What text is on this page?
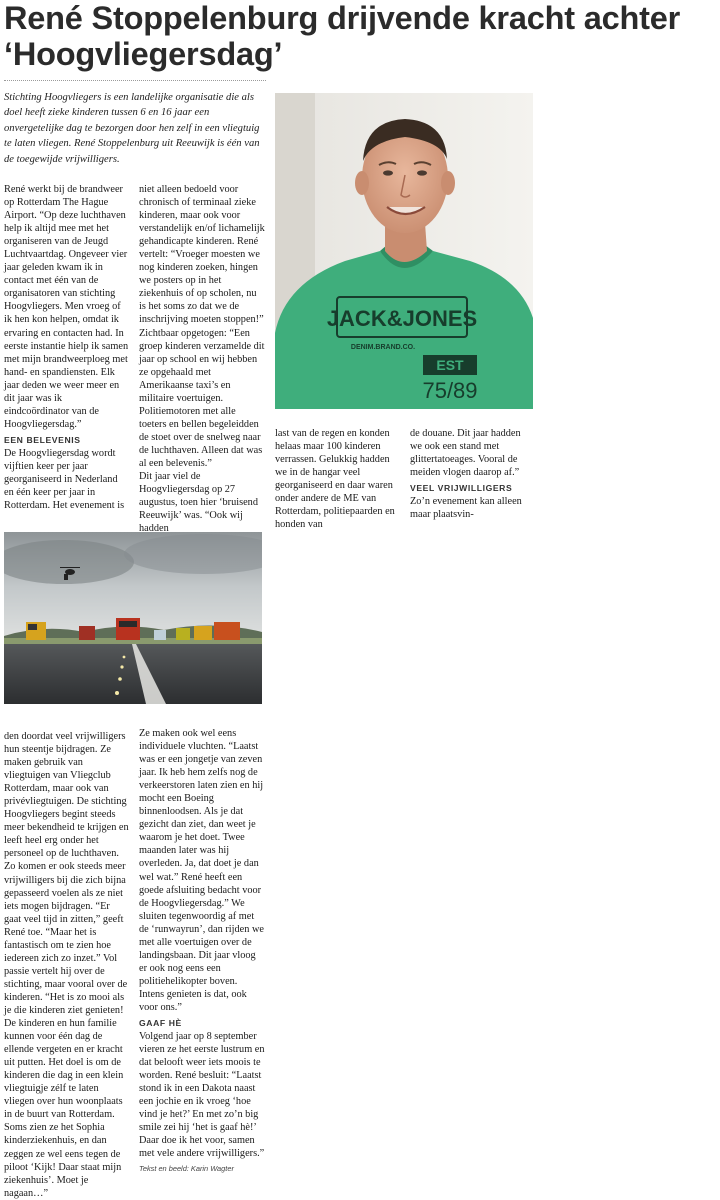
René Stoppelenburg drijvende kracht achter ‘Hoogvliegersdag’

Stichting Hoogvliegers is een landelijke organisatie die als doel heeft zieke kinderen tussen 6 en 16 jaar een onvergetelijke dag te bezorgen door hen zelf in een vliegtuig te laten vliegen. René Stoppelenburg uit Reeuwijk is één van de toegewijde vrijwilligers.

JACK&JONES
DENIM.BRAND.CO.
EST
75/89

René werkt bij de brandweer op Rotterdam The Hague Airport. “Op deze luchthaven help ik altijd mee met het organiseren van de Jeugd Luchtvaartdag. Ongeveer vier jaar geleden kwam ik in contact met één van de organisatoren van stichting Hoogvliegers. Men vroeg of ik hen kon helpen, omdat ik ervaring en contacten had. In eerste instantie hielp ik samen met mijn brandweerploeg met hand- en spandiensten. Elk jaar deden we weer meer en dit jaar was ik eindcoördinator van de Hoogvliegersdag.”

EEN BELEVENIS

De Hoogvliegersdag wordt vijftien keer per jaar georganiseerd in Nederland en één keer per jaar in Rotterdam. Het evenement is

niet alleen bedoeld voor chronisch of terminaal zieke kinderen, maar ook voor verstandelijk en/of lichamelijk gehandicapte kinderen. René vertelt: “Vroeger moesten we nog kinderen zoeken, hingen we posters op in het ziekenhuis of op scholen, nu is het soms zo dat we de inschrijving moeten stoppen!” Zichtbaar opgetogen: “Een groep kinderen verzamelde dit jaar op school en wij hebben ze opgehaald met Amerikaanse taxi’s en militaire voertuigen. Politiemotoren met alle toeters en bellen begeleidden de stoet over de snelweg naar de luchthaven. Alleen dat was al een belevenis.”

Dit jaar viel de Hoogvliegersdag op 27 augustus, toen hier ‘bruisend Reeuwijk’ was. “Ook wij hadden

last van de regen en konden helaas maar 100 kinderen verrassen. Gelukkig hadden we in de hangar veel georganiseerd en daar waren onder andere de ME van Rotterdam, politiepaarden en honden van

de douane. Dit jaar hadden we ook een stand met glittertatoeages. Vooral de meiden vlogen daarop af.”

VEEL VRIJWILLIGERS

Zo’n evenement kan alleen maar plaatsvin-

den doordat veel vrijwilligers hun steentje bijdragen. Ze maken gebruik van vliegtuigen van Vliegclub Rotterdam, maar ook van privévliegtuigen. De stichting Hoogvliegers begint steeds meer bekendheid te krijgen en leeft heel erg onder het personeel op de luchthaven. Zo komen er ook steeds meer vrijwilligers bij die zich bijna gepasseerd voelen als ze niet iets mogen bijdragen. “Er gaat veel tijd in zitten,” geeft René toe. “Maar het is fantastisch om te zien hoe iedereen zich zo inzet.” Vol passie vertelt hij over de stichting, maar vooral over de kinderen. “Het is zo mooi als je die kinderen ziet genieten! De kinderen en hun familie kunnen voor één dag de ellende vergeten en er kracht uit putten. Het doel is om de kinderen die dag in een klein vliegtuigje zélf te laten vliegen over hun woonplaats in de buurt van Rotterdam. Soms zien ze het Sophia kinderziekenhuis, en dan zeggen ze wel eens tegen de piloot ‘Kijk! Daar staat mijn ziekenhuis’. Moet je nagaan…”

Ze maken ook wel eens individuele vluchten. “Laatst was er een jongetje van zeven jaar. Ik heb hem zelfs nog de verkeerstoren laten zien en hij mocht een Boeing binnenloodsen. Als je dat gezicht dan ziet, dan weet je waarom je het doet. Twee maanden later was hij overleden. Ja, dat doet je dan wel wat.” René heeft een goede afsluiting bedacht voor de Hoogvliegersdag.” We sluiten tegenwoordig af met de ‘runwayrun’, dan rijden we met alle voertuigen over de landingsbaan. Dit jaar vloog er ook nog eens een politiehelikopter boven. Intens genieten is dat, ook voor ons.”

GAAF HÈ

Volgend jaar op 8 september vieren ze het eerste lustrum en dat belooft weer iets moois te worden. René besluit: “Laatst stond ik in een Dakota naast een jochie en ik vroeg ‘hoe vind je het?’ En met zo’n big smile zei hij ‘het is gaaf hè!’ Daar doe ik het voor, samen met vele andere vrijwilligers.”

Tekst en beeld: Karin Wagter
